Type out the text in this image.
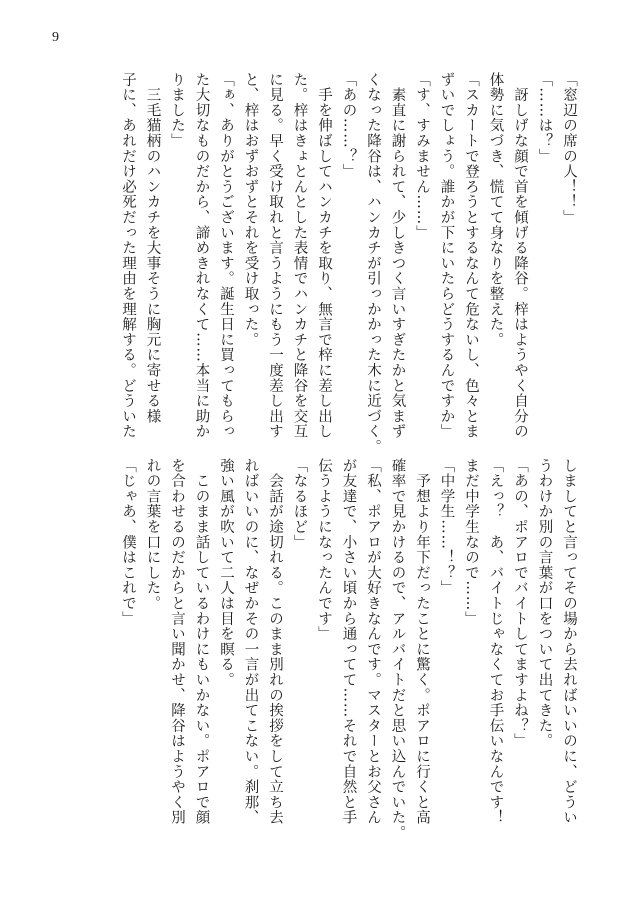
9
「窓辺の席の人！！」
「……は？」
　訝しげな顔で首を傾げる降谷。梓はようやく自分の
体勢に気づき、慌てて身なりを整えた。
「スカートで登ろうとするなんて危ないし、色々とま
ずいでしょう。誰かが下にいたらどうするんですか」
「す、すみません……」
　素直に謝られて、少しきつく言いすぎたかと気まず
くなった降谷は、ハンカチが引っかかった木に近づく。
「あの……？」
　手を伸ばしてハンカチを取り、無言で梓に差し出し
た。梓はきょとんとした表情でハンカチと降谷を交互
に見る。早く受け取れと言うようにもう一度差し出す
と、梓はおずおずとそれを受け取った。
「ぁ、ありがとうございます。誕生日に買ってもらっ
た大切なものだから、諦めきれなくて……本当に助か
りました」
　三毛猫柄のハンカチを大事そうに胸元に寄せる様
子に、あれだけ必死だった理由を理解する。どういた
しましてと言ってその場から去ればいいのに、どうい
うわけか別の言葉が口をついて出てきた。
「あの、ポアロでバイトしてますよね？」
「えっ？　あ、バイトじゃなくてお手伝いなんです！
まだ中学生なので……」
「中学生……！？」
　予想より年下だったことに驚く。ポアロに行くと高
確率で見かけるので、アルバイトだと思い込んでいた。
「私、ポアロが大好きなんです。マスターとお父さん
が友達で、小さい頃から通ってて……それで自然と手
伝うようになったんです」
「なるほど」
　会話が途切れる。このまま別れの挨拶をして立ち去
ればいいのに、なぜかその一言が出てこない。刹那、
強い風が吹いて二人は目を瞑る。
　このまま話しているわけにもいかない。ポアロで顔
を合わせるのだからと言い聞かせ、降谷はようやく別
れの言葉を口にした。
「じゃあ、僕はこれで」
